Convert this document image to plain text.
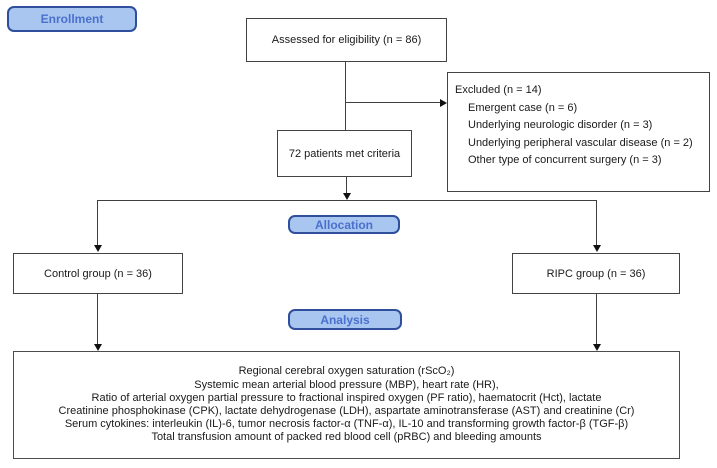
Enrollment
Allocation
Analysis
Assessed for eligibility (n = 86)
Excluded (n = 14)
Emergent case (n = 6)
Underlying neurologic disorder (n = 3)
Underlying peripheral vascular disease (n = 2)
Other type of concurrent surgery (n = 3)
72 patients met criteria
Control group (n = 36)	RIPC group (n = 36)
Regional cerebral oxygen saturation (rScO₂)
Systemic mean arterial blood pressure (MBP), heart rate (HR),
Ratio of arterial oxygen partial pressure to fractional inspired oxygen (PF ratio), haematocrit (Hct), lactate
Creatinine phosphokinase (CPK), lactate dehydrogenase (LDH), aspartate aminotransferase (AST) and creatinine (Cr)
Serum cytokines: interleukin (IL)-6, tumor necrosis factor-α (TNF-α), IL-10 and transforming growth factor-β (TGF-β)
Total transfusion amount of packed red blood cell (pRBC) and bleeding amounts
